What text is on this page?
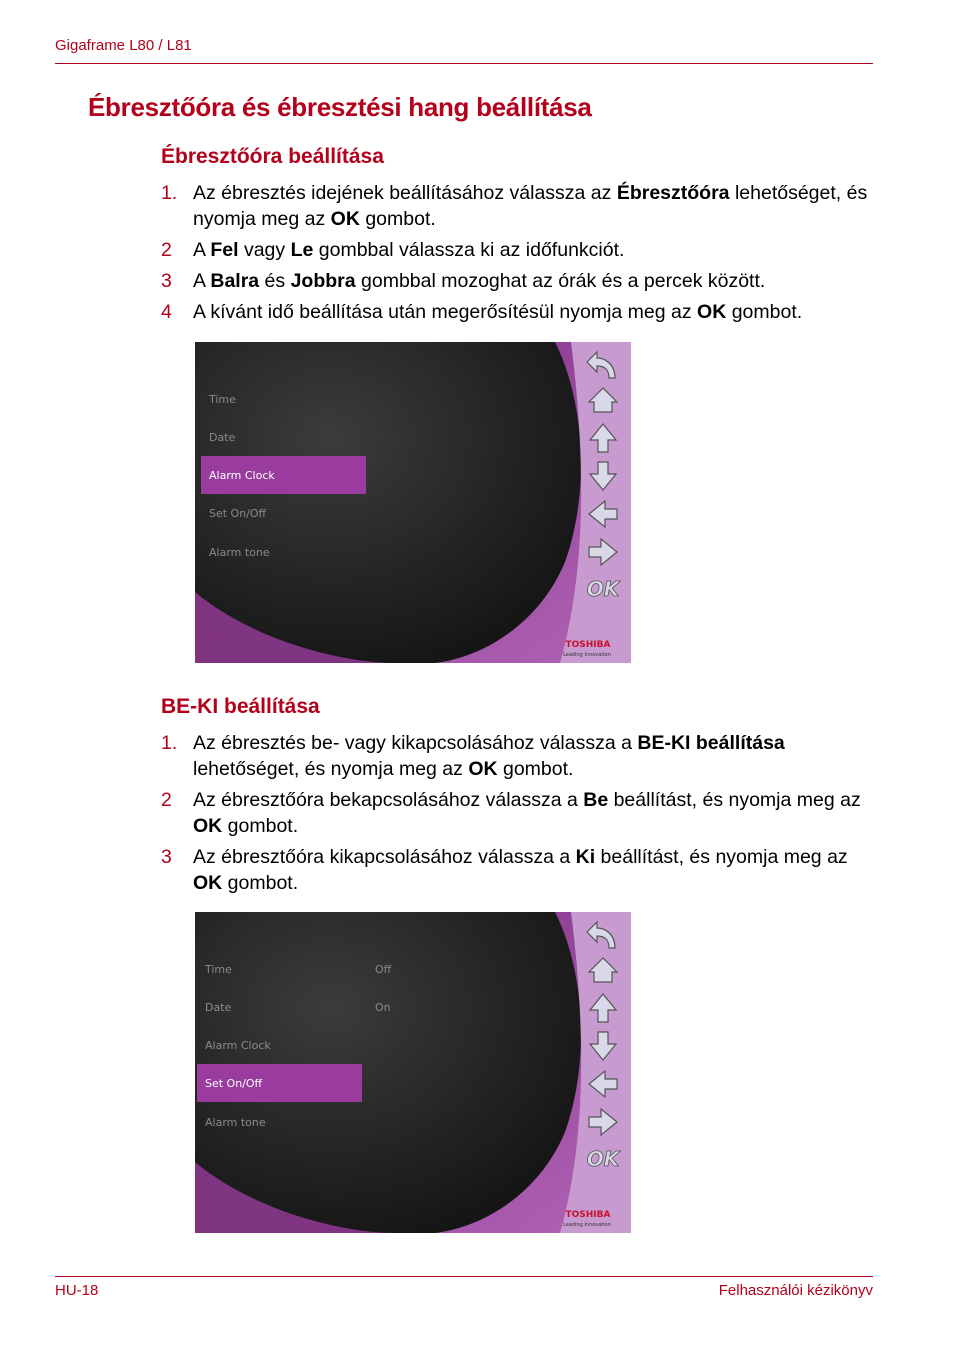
Gigaframe L80 / L81
Ébresztőóra és ébresztési hang beállítása
Ébresztőóra beállítása
1. Az ébresztés idejének beállításához válassza az Ébresztőóra lehetőséget, és nyomja meg az OK gombot.
2	A Fel vagy Le gombbal válassza ki az időfunkciót.
3	A Balra és Jobbra gombbal mozoghat az órák és a percek között.
4	A kívánt idő beállítása után megerősítésül nyomja meg az OK gombot.
Time
Date
Alarm Clock
Set On/Off
Alarm tone
OK
TOSHIBA
Leading Innovation
BE-KI beállítása
1. Az ébresztés be- vagy kikapcsolásához válassza a BE-KI beállítása lehetőséget, és nyomja meg az OK gombot.
2	Az ébresztőóra bekapcsolásához válassza a Be beállítást, és nyomja meg az OK gombot.
3	Az ébresztőóra kikapcsolásához válassza a Ki beállítást, és nyomja meg az OK gombot.
Time
Date
Alarm Clock
Set On/Off
Alarm tone
Off
On
OK
TOSHIBA
Leading Innovation
HU-18	Felhasználói kézikönyv
